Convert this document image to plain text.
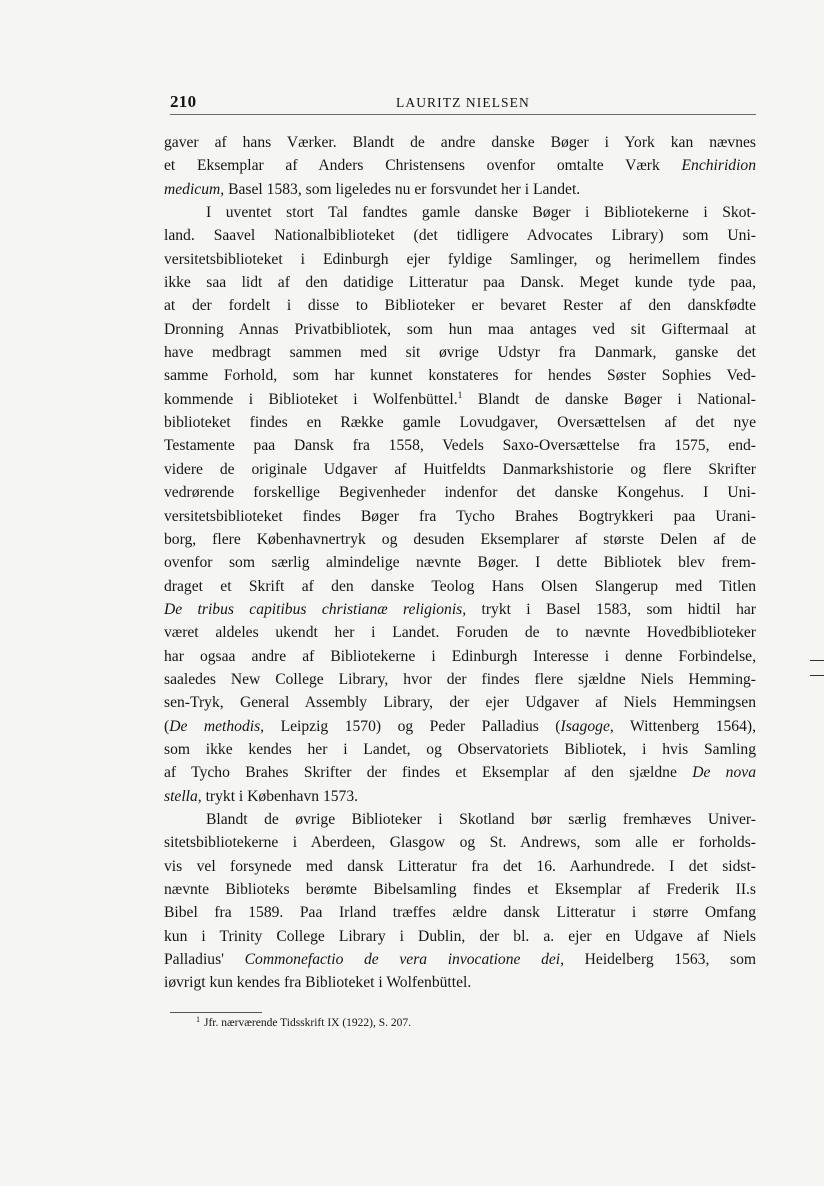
210	LAURITZ NIELSEN
gaver af hans Værker. Blandt de andre danske Bøger i York kan nævnes
et Eksemplar af Anders Christensens ovenfor omtalte Værk Enchiridion
medicum, Basel 1583, som ligeledes nu er forsvundet her i Landet.
I uventet stort Tal fandtes gamle danske Bøger i Bibliotekerne i Skot-
land. Saavel Nationalbiblioteket (det tidligere Advocates Library) som Uni-
versitetsbiblioteket i Edinburgh ejer fyldige Samlinger, og herimellem findes
ikke saa lidt af den datidige Litteratur paa Dansk. Meget kunde tyde paa,
at der fordelt i disse to Biblioteker er bevaret Rester af den danskfødte
Dronning Annas Privatbibliotek, som hun maa antages ved sit Giftermaal at
have medbragt sammen med sit øvrige Udstyr fra Danmark, ganske det
samme Forhold, som har kunnet konstateres for hendes Søster Sophies Ved-
kommende i Biblioteket i Wolfenbüttel.$^1$ Blandt de danske Bøger i National-
biblioteket findes en Række gamle Lovudgaver, Oversættelsen af det nye
Testamente paa Dansk fra 1558, Vedels Saxo-Oversættelse fra 1575, end-
videre de originale Udgaver af Huitfeldts Danmarkshistorie og flere Skrifter
vedrørende forskellige Begivenheder indenfor det danske Kongehus. I Uni-
versitetsbiblioteket findes Bøger fra Tycho Brahes Bogtrykkeri paa Urani-
borg, flere Københavnertryk og desuden Eksemplarer af største Delen af de
ovenfor som særlig almindelige nævnte Bøger. I dette Bibliotek blev frem-
draget et Skrift af den danske Teolog Hans Olsen Slangerup med Titlen
De tribus capitibus christianæ religionis, trykt i Basel 1583, som hidtil har
været aldeles ukendt her i Landet. Foruden de to nævnte Hovedbiblioteker
har ogsaa andre af Bibliotekerne i Edinburgh Interesse i denne Forbindelse,
saaledes New College Library, hvor der findes flere sjældne Niels Hemming-
sen-Tryk, General Assembly Library, der ejer Udgaver af Niels Hemmingsen
(De methodis, Leipzig 1570) og Peder Palladius (Isagoge, Wittenberg 1564),
som ikke kendes her i Landet, og Observatoriets Bibliotek, i hvis Samling
af Tycho Brahes Skrifter der findes et Eksemplar af den sjældne De nova
stella, trykt i København 1573.
Blandt de øvrige Biblioteker i Skotland bør særlig fremhæves Univer-
sitetsbibliotekerne i Aberdeen, Glasgow og St. Andrews, som alle er forholds-
vis vel forsynede med dansk Litteratur fra det 16. Aarhundrede. I det sidst-
nævnte Biblioteks berømte Bibelsamling findes et Eksemplar af Frederik II.s
Bibel fra 1589. Paa Irland træffes ældre dansk Litteratur i større Omfang
kun i Trinity College Library i Dublin, der bl. a. ejer en Udgave af Niels
Palladius' Commonefactio de vera invocatione dei, Heidelberg 1563, som
iøvrigt kun kendes fra Biblioteket i Wolfenbüttel.
$^1$ Jfr. nærværende Tidsskrift IX (1922), S. 207.
